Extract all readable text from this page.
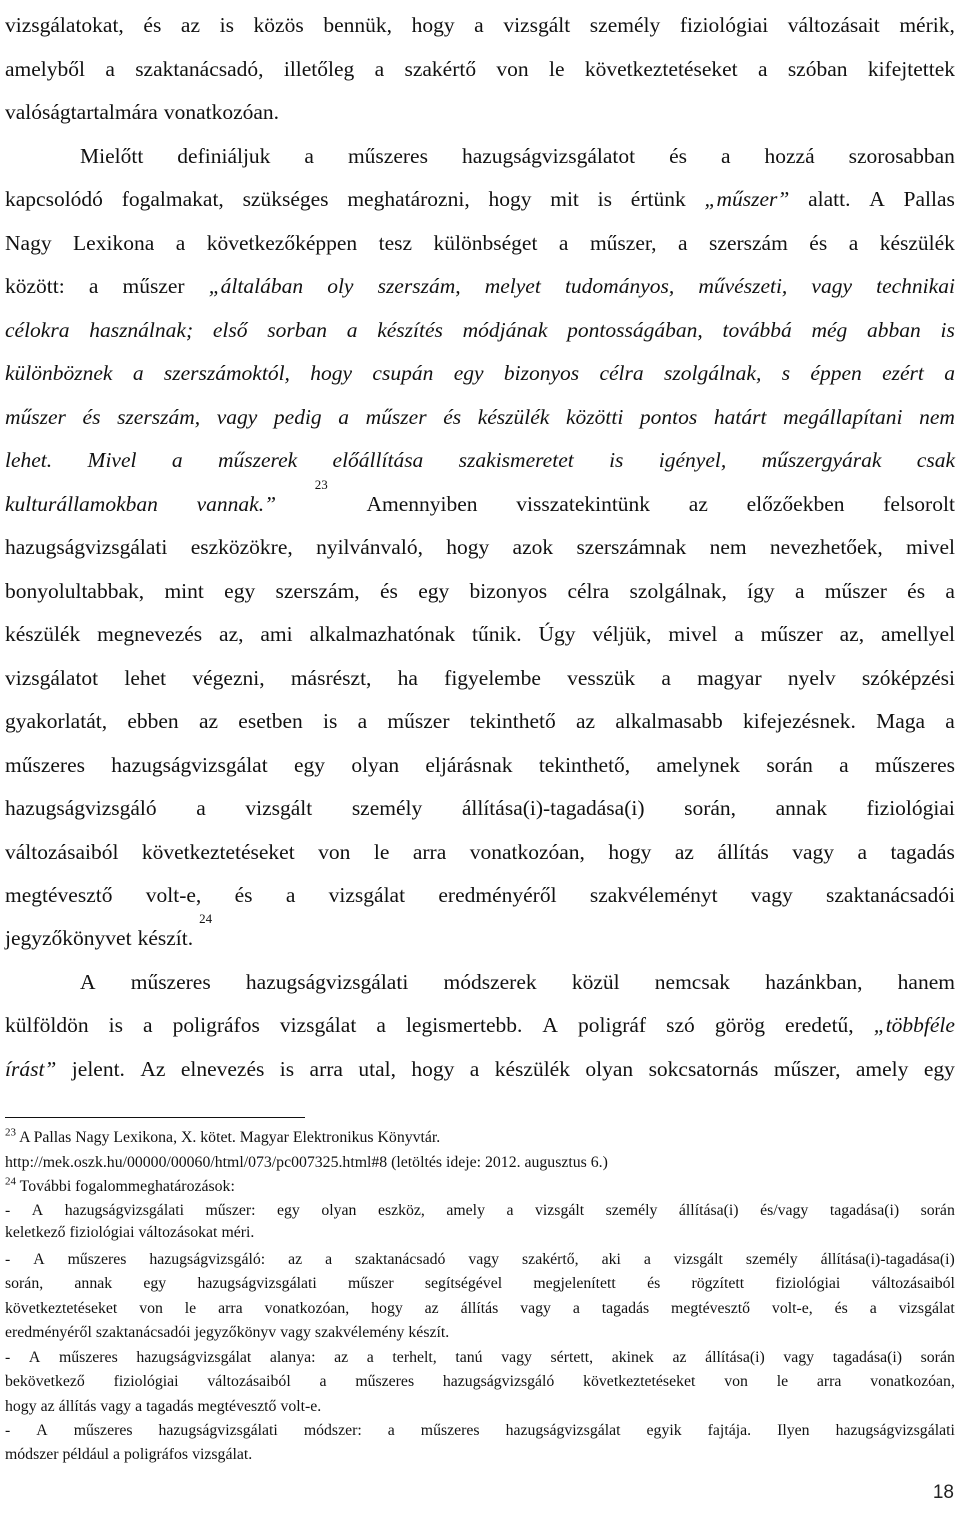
vizsgálatokat, és az is közös bennük, hogy a vizsgált személy fiziológiai változásait mérik,
amelyből a szaktanácsadó, illetőleg a szakértő von le következtetéseket a szóban kifejtettek
valóságtartalmára vonatkozóan.
Mielőtt definiáljuk a műszeres hazugságvizsgálatot és a hozzá szorosabban
kapcsolódó fogalmakat, szükséges meghatározni, hogy mit is értünk „műszer” alatt. A Pallas
Nagy Lexikona a következőképpen tesz különbséget a műszer, a szerszám és a készülék
között: a műszer „általában oly szerszám, melyet tudományos, művészeti, vagy technikai
célokra használnak; első sorban a készítés módjának pontosságában, továbbá még abban is
különböznek a szerszámoktól, hogy csupán egy bizonyos célra szolgálnak, s éppen ezért a
műszer és szerszám, vagy pedig a műszer és készülék közötti pontos határt megállapítani nem
lehet. Mivel a műszerek előállítása szakismeretet is igényel, műszergyárak csak
kulturállamokban vannak.”
$^{23}$
Amennyiben visszatekintünk az előzőekben felsorolt
hazugságvizsgálati eszközökre, nyilvánvaló, hogy azok szerszámnak nem nevezhetőek, mivel
bonyolultabbak, mint egy szerszám, és egy bizonyos célra szolgálnak, így a műszer és a
készülék megnevezés az, ami alkalmazhatónak tűnik. Úgy véljük, mivel a műszer az, amellyel
vizsgálatot lehet végezni, másrészt, ha figyelembe vesszük a magyar nyelv szóképzési
gyakorlatát, ebben az esetben is a műszer tekinthető az alkalmasabb kifejezésnek. Maga a
műszeres hazugságvizsgálat egy olyan eljárásnak tekinthető, amelynek során a műszeres
hazugságvizsgáló a vizsgált személy állítása(i)-tagadása(i) során, annak fiziológiai
változásaiból következtetéseket von le arra vonatkozóan, hogy az állítás vagy a tagadás
megtévesztő volt-e, és a vizsgálat eredményéről szakvéleményt vagy szaktanácsadói
jegyzőkönyvet készít.
$^{24}$
A műszeres hazugságvizsgálati módszerek közül nemcsak hazánkban, hanem
külföldön is a poligráfos vizsgálat a legismertebb. A poligráf szó görög eredetű, „többféle
írást” jelent. Az elnevezés is arra utal, hogy a készülék olyan sokcsatornás műszer, amely egy
$^{23}$ A Pallas Nagy Lexikona, X. kötet. Magyar Elektronikus Könyvtár.
http://mek.oszk.hu/00000/00060/html/073/pc007325.html#8 (letöltés ideje: 2012. augusztus 6.)
$^{24}$ További fogalommeghatározások:
- A hazugságvizsgálati műszer: egy olyan eszköz, amely a vizsgált személy állítása(i) és/vagy tagadása(i) során
keletkező fiziológiai változásokat méri.
- A műszeres hazugságvizsgáló: az a szaktanácsadó vagy szakértő, aki a vizsgált személy állítása(i)-tagadása(i)
során, annak egy hazugságvizsgálati műszer segítségével megjelenített és rögzített fiziológiai változásaiból
következtetéseket von le arra vonatkozóan, hogy az állítás vagy a tagadás megtévesztő volt-e, és a vizsgálat
eredményéről szaktanácsadói jegyzőkönyv vagy szakvélemény készít.
- A műszeres hazugságvizsgálat alanya: az a terhelt, tanú vagy sértett, akinek az állítása(i) vagy tagadása(i) során
bekövetkező fiziológiai változásaiból a műszeres hazugságvizsgáló következtetéseket von le arra vonatkozóan,
hogy az állítás vagy a tagadás megtévesztő volt-e.
- A műszeres hazugságvizsgálati módszer: a műszeres hazugságvizsgálat egyik fajtája. Ilyen hazugságvizsgálati
módszer például a poligráfos vizsgálat.
18
